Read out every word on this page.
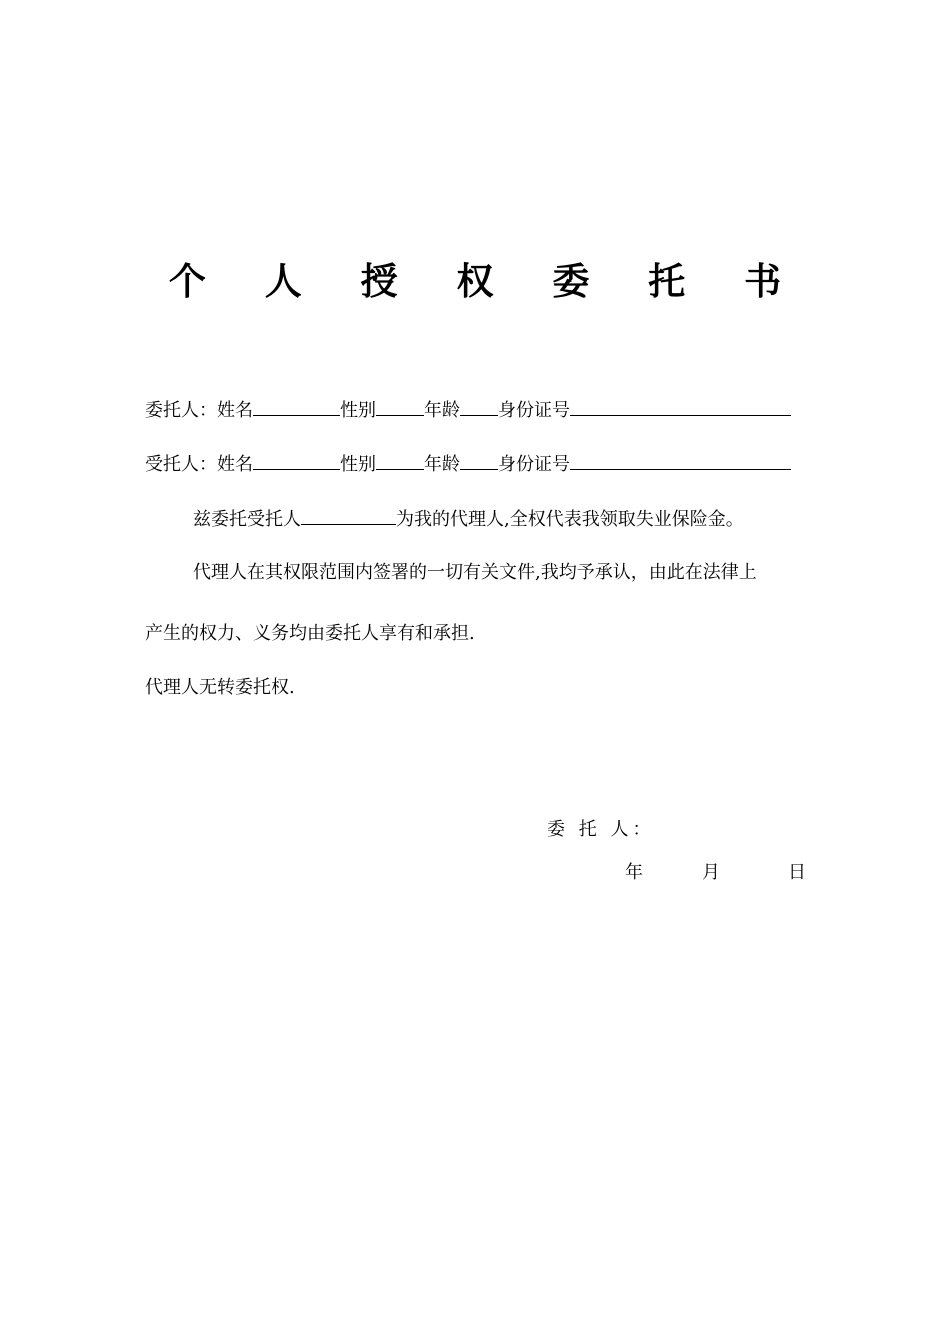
个 人 授 权 委 托 书
委托人：姓名	性别	年龄 身份证号
受托人：姓名	性别	年龄 身份证号
兹委托受托人	为我的代理人,全权代表我领取失业保险金。
代理人在其权限范围内签署的一切有关文件,我均予承认，由此在法律上
产生的权力、义务均由委托人享有和承担.
代理人无转委托权.
委 托 人：
年	月	日
